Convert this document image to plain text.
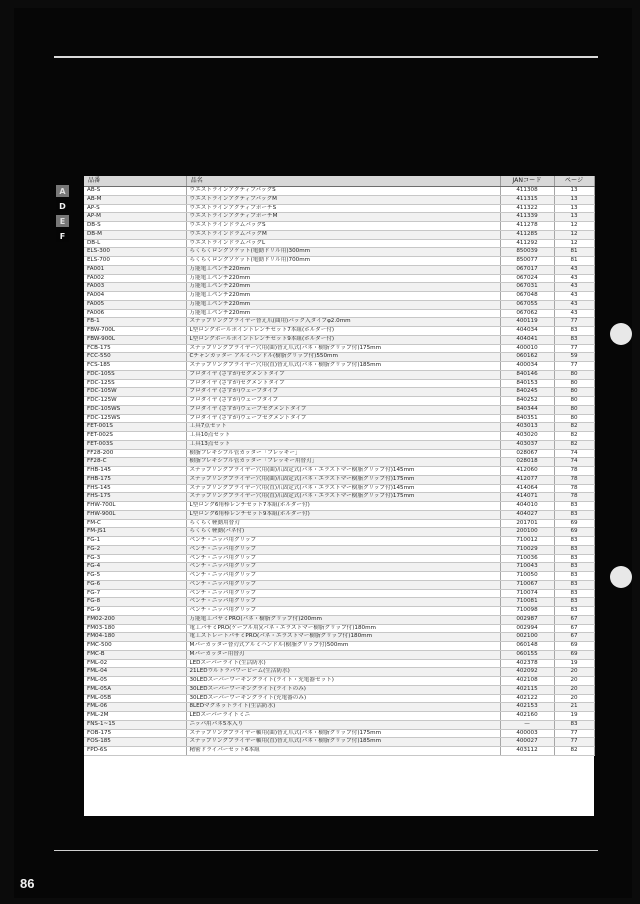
A
D
E
F
品番	品名	JANコード	ページ
AB-S	ウエストラインアクティブバッグS	411308	13
AB-M	ウエストラインアクティブバッグM	411315	13
AP-S	ウエストラインアクティブポーチS	411322	13
AP-M	ウエストラインアクティブポーチM	411339	13
DB-S	ウエストラインドラムバッグS	411278	12
DB-M	ウエストラインドラムバッグM	411285	12
DB-L	ウエストラインドラムバッグL	411292	12
ELS-300	らくらくロングソケット(電動ドリル用)300mm	850039	81
ELS-700	らくらくロングソケット(電動ドリル用)700mm	850077	81
FA001	万能電工ペンチ220mm	067017	43
FA002	万能電工ペンチ220mm	067024	43
FA003	万能電工ペンチ220mm	067031	43
FA004	万能電工ペンチ220mm	067048	43
FA005	万能電工ペンチ220mm	067055	43
FA006	万能電工ペンチ220mm	067062	43
FB-1	スナップリングプライヤー替え爪(曲用)パック入タイプφ2.0mm	400119	77
FBW-700L	L型ロングボールポイントレンチセット7本組(ホルダー付)	404034	83
FBW-900L	L型ロングボールポイントレンチセット9本組(ホルダー付)	404041	83
FCB-175	スナップリングプライヤー穴用(曲)替え爪式(バネ・樹脂グリップ付)175mm	400010	77
FCC-550	Cチャンカッター アルミハンドル(樹脂グリップ付)550mm	060162	59
FCS-185	スナップリングプライヤー穴用(直)替え爪式(バネ・樹脂グリップ付)185mm	400034	77
FDC-105S	プロダイヤ (さすが)セグメントタイプ	840146	80
FDC-125S	プロダイヤ (さすが)セグメントタイプ	840153	80
FDC-105W	プロダイヤ (さすが)ウェーブタイプ	840245	80
FDC-125W	プロダイヤ (さすが)ウェーブタイプ	840252	80
FDC-105WS	プロダイヤ (さすが)ウェーブセグメントタイプ	840344	80
FDC-125WS	プロダイヤ (さすが)ウェーブセグメントタイプ	840351	80
FET-001S	工具7点セット	403013	82
FET-002S	工具10点セット	403020	82
FET-003S	工具13点セット	403037	82
FF28-200	樹脂フレキシブル管カッター「フレッキー」	028067	74
FF28-C	樹脂フレキシブル管カッター「フレッキー用替刃」	028018	74
FHB-145	スナップリングプライヤー穴用(曲)爪固定式(バネ・エラストマー樹脂グリップ付)145mm	412060	78
FHB-175	スナップリングプライヤー穴用(曲)爪固定式(バネ・エラストマー樹脂グリップ付)175mm	412077	78
FHS-145	スナップリングプライヤー穴用(直)爪固定式(バネ・エラストマー樹脂グリップ付)145mm	414064	78
FHS-175	スナップリングプライヤー穴用(直)爪固定式(バネ・エラストマー樹脂グリップ付)175mm	414071	78
FHW-700L	L型ロング6角棒レンチセット7本組(ホルダー付)	404010	83
FHW-900L	L型ロング6角棒レンチセット9本組(ホルダー付)	404027	83
FM-C	らくらく軽動用替刃	201701	69
FM-JS1	らくらく軽動(バネ付)	200100	69
FG-1	ペンチ・ニッパ用グリップ	710012	83
FG-2	ペンチ・ニッパ用グリップ	710029	83
FG-3	ペンチ・ニッパ用グリップ	710036	83
FG-4	ペンチ・ニッパ用グリップ	710043	83
FG-5	ペンチ・ニッパ用グリップ	710050	83
FG-6	ペンチ・ニッパ用グリップ	710067	83
FG-7	ペンチ・ニッパ用グリップ	710074	83
FG-8	ペンチ・ニッパ用グリップ	710081	83
FG-9	ペンチ・ニッパ用グリップ	710098	83
FM02-200	万能電工バサミPRO(バネ・樹脂グリップ付)200mm	002987	67
FM03-180	電工バサミPRO(ケーブル用)(バネ・エラストマー樹脂グリップ付)180mm	002994	67
FM04-180	電工ストレートバサミPRO(バネ・エラストマー樹脂グリップ付)180mm	002100	67
FMC-500	Mバーカッター替刃式アルミハンドル(樹脂グリップ付)500mm	060148	69
FMC-B	Mバーカッター用替刃	060155	69
FML-02	LEDスーパーライト(生活防水)	402378	19
FML-04	21LEDウルトラバワービーム(生活防水)	402092	20
FML-05	30LEDスーパーワーキングライト(ライト・充電器セット)	402108	20
FML-05A	30LEDスーパーワーキングライト(ライトのみ)	402115	20
FML-05B	30LEDスーパーワーキングライト(充電器のみ)	402122	20
FML-06	8LEDマグネットライト(生活防水)	402153	21
FML-2M	LEDスーパーライトミニ	402160	19
FNS-1~15	ニッパ用バネ5本入り	—	83
FOB-175	スナップリングプライヤー軸用(曲)替え爪式(バネ・樹脂グリップ付)175mm	400003	77
FOS-185	スナップリングプライヤー軸用(直)替え爪式(バネ・樹脂グリップ付)185mm	400027	77
FPD-6S	精密ドライバーセット6本組	403112	82
86
